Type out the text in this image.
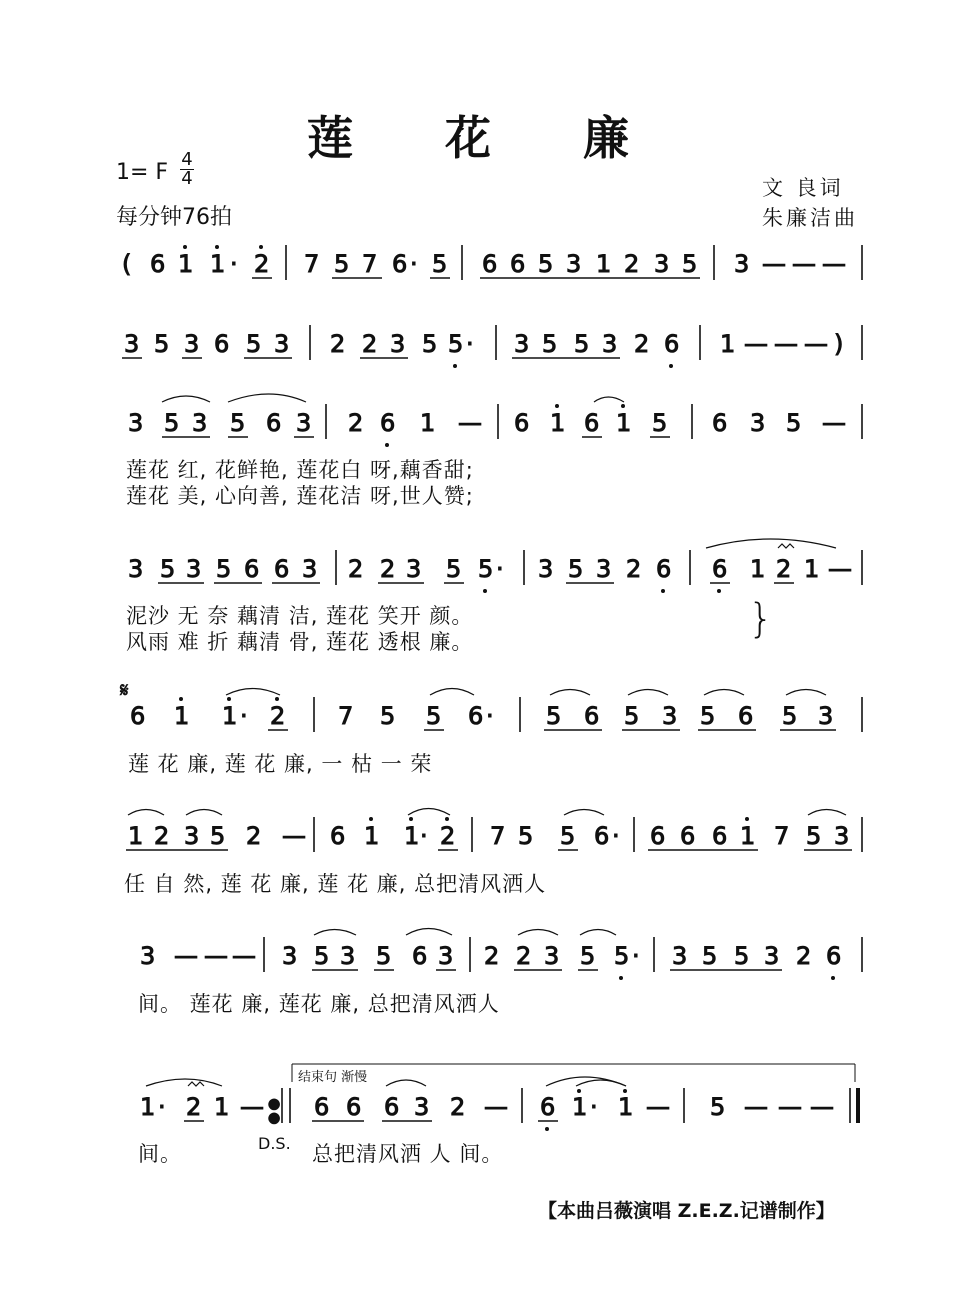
莲 花 廉
1= F
4
4
每分钟76拍
文 良词
朱廉洁曲
( 6 1 1 · 2 7 5 7 6 · 5 6 6 5 3 1 2 3 5 3 — — —
3 5 3 6 5 3 2 2 3 5 5 · 3 5 5 3 2 6 1 — — — )
3 5 3 5 6 3 2 6 1 — 6 1 6 1 5 6 3 5 —
3 5 3 5 6 6 3 2 2 3 5 5 · 3 5 3 2 6 6 1 2 1 —
6 1 1 · 2 7 5 5 6 · 5 6 5 3 5 6 5 3
1 2 3 5 2 — 6 1 1 · 2 7 5 5 6 · 6 6 6 1 7 5 3
3 — — — 3 5 3 5 6 3 2 2 3 5 5 · 3 5 5 3 2 6
1 · 2 1 — ●
● 6 6 6 3 2 — 6 1 · 1 — 5 — — —
莲花 红, 花鲜艳, 莲花白 呀,藕香甜;
莲花 美, 心向善, 莲花洁 呀,世人赞;
泥沙 无 奈 藕清 洁, 莲花 笑开 颜。
风雨 难 折 藕清 骨, 莲花 透根 廉。	}
莲 花 廉, 莲 花 廉, 一 枯 一 荣
任 自 然, 莲 花 廉, 莲 花 廉, 总把清风洒人
间。 莲花 廉, 莲花 廉, 总把清风洒人
间。	总把清风洒 人 间。
𝄋
结束句 渐慢
D.S.
【本曲吕薇演唱 Z.E.Z.记谱制作】
